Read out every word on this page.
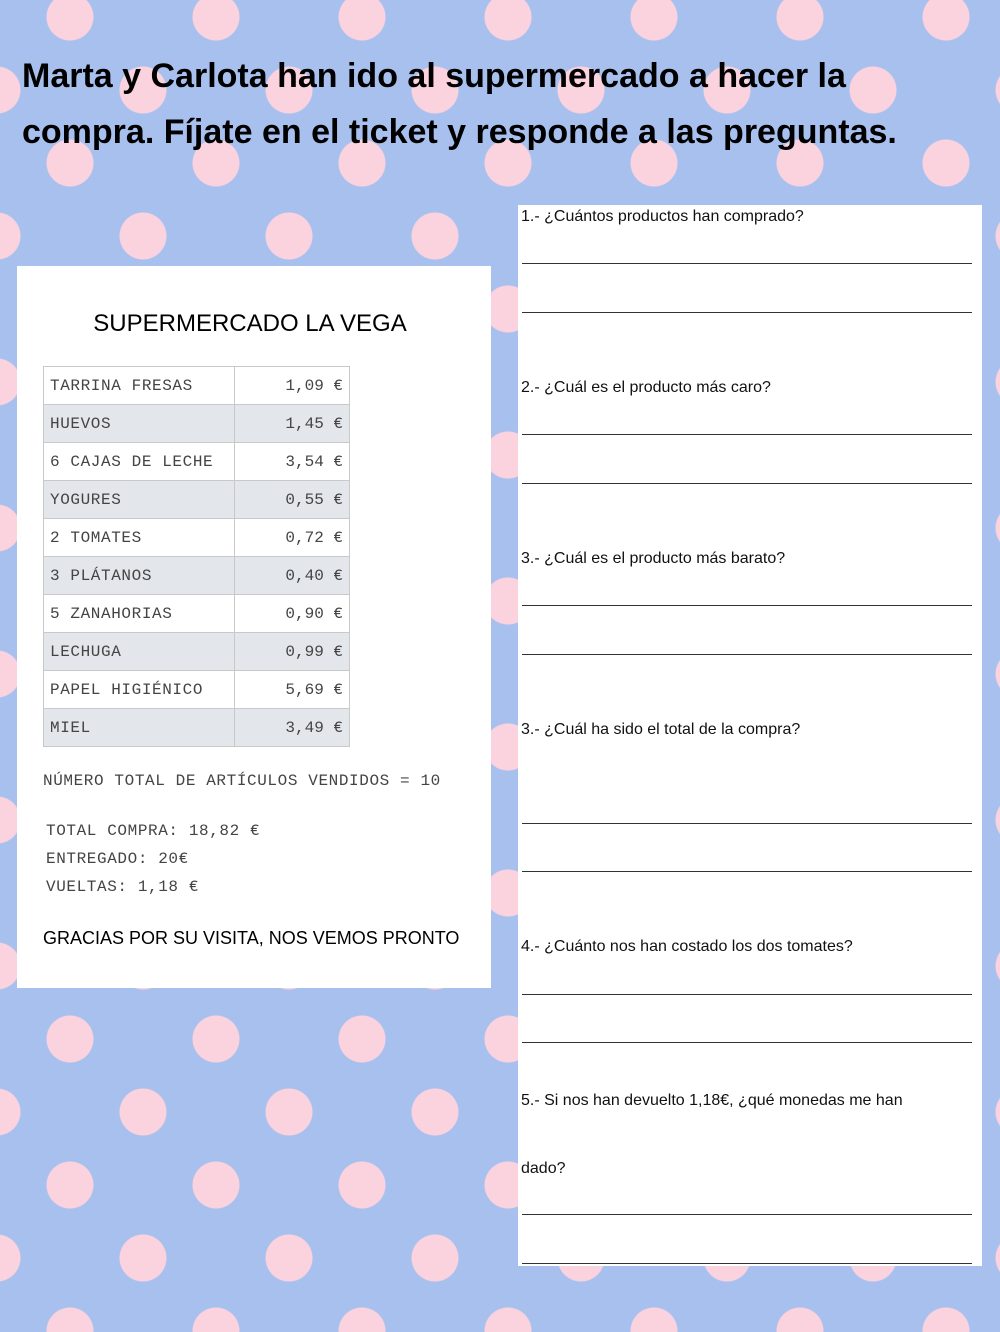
Marta y Carlota han ido al supermercado a hacer la compra. Fíjate en el ticket y responde a las preguntas.
SUPERMERCADO LA VEGA
TARRINA FRESAS	1,09 €
HUEVOS	1,45 €
6 CAJAS DE LECHE	3,54 €
YOGURES	0,55 €
2 TOMATES	0,72 €
3 PLÁTANOS	0,40 €
5 ZANAHORIAS	0,90 €
LECHUGA	0,99 €
PAPEL HIGIÉNICO	5,69 €
MIEL	3,49 €
NÚMERO TOTAL DE ARTÍCULOS VENDIDOS = 10
TOTAL COMPRA: 18,82 €
ENTREGADO: 20€
VUELTAS: 1,18 €
GRACIAS POR SU VISITA, NOS VEMOS PRONTO
1.- ¿Cuántos productos han comprado?
2.- ¿Cuál es el producto más caro?
3.- ¿Cuál es el producto más barato?
3.- ¿Cuál ha sido el total de la compra?
4.- ¿Cuánto nos han costado los dos tomates?
5.- Si nos han devuelto 1,18€, ¿qué monedas me han
dado?
